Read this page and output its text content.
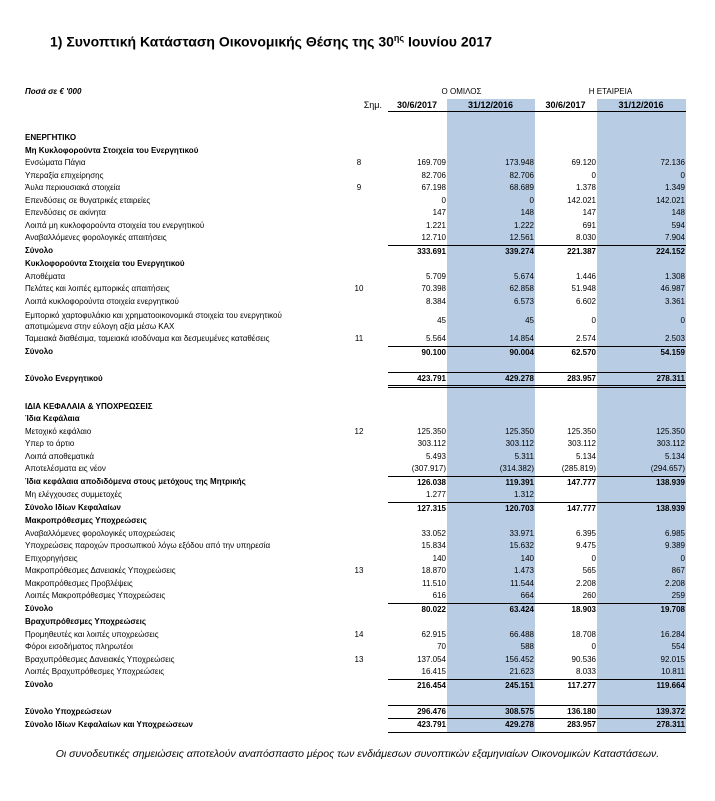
1) Συνοπτική Κατάσταση Οικονομικής Θέσης της $30^{\eta\varsigma}$ Ιουνίου 2017
Ποσά σε € '000		Ο ΟΜΙΛΟΣ		Η ΕΤΑΙΡΕΙΑ	
	Σημ.	30/6/2017	31/12/2016	30/6/2017	31/12/2016

ΕΝΕΡΓΗΤΙΚΟ					
Μη Κυκλοφορούντα Στοιχεία του Ενεργητικού					
Ενσώματα Πάγια	8	169.709	173.948	69.120	72.136
Υπεραξία επιχείρησης		82.706	82.706	0	0
Άυλα περιουσιακά στοιχεία	9	67.198	68.689	1.378	1.349
Επενδύσεις σε θυγατρικές εταιρείες		0	0	142.021	142.021
Επενδύσεις σε ακίνητα		147	148	147	148
Λοιπά μη κυκλοφορούντα στοιχεία του ενεργητικού		1.221	1.222	691	594
Αναβαλλόμενες φορολογικές απαιτήσεις		12.710	12.561	8.030	7.904
Σύνολο		333.691	339.274	221.387	224.152
Κυκλοφορούντα Στοιχεία του Ενεργητικού					
Αποθέματα		5.709	5.674	1.446	1.308
Πελάτες και λοιπές εμπορικές απαιτήσεις	10	70.398	62.858	51.948	46.987
Λοιπά κυκλοφορούντα στοιχεία ενεργητικού		8.384	6.573	6.602	3.361
Εμπορικό χαρτοφυλάκιο και χρηματοοικονομικά στοιχεία του ενεργητικού αποτιμώμενα στην εύλογη αξία μέσω ΚΑΧ		45	45	0	0
Ταμειακά διαθέσιμα, ταμειακά ισοδύναμα και δεσμευμένες καταθέσεις	11	5.564	14.854	2.574	2.503
Σύνολο		90.100	90.004	62.570	54.159

Σύνολο Ενεργητικού		423.791	429.278	283.957	278.311

ΙΔΙΑ ΚΕΦΑΛΑΙΑ & ΥΠΟΧΡΕΩΣΕΙΣ					
Ίδια Κεφάλαια					
Μετοχικό κεφάλαιο	12	125.350	125.350	125.350	125.350
Υπερ το άρτιο		303.112	303.112	303.112	303.112
Λοιπά αποθεματικά		5.493	5.311	5.134	5.134
Αποτελέσματα εις νέον		(307.917)	(314.382)	(285.819)	(294.657)
Ίδια κεφάλαια αποδιδόμενα στους μετόχους της Μητρικής		126.038	119.391	147.777	138.939
Μη ελέγχουσες συμμετοχές		1.277	1.312		
Σύνολο Ιδίων Κεφαλαίων		127.315	120.703	147.777	138.939
Μακροπρόθεσμες Υποχρεώσεις					
Αναβαλλόμενες φορολογικές υποχρεώσεις		33.052	33.971	6.395	6.985
Υποχρεώσεις παροχών προσωπικού λόγω εξόδου από την υπηρεσία		15.834	15.632	9.475	9.389
Επιχορηγήσεις		140	140	0	0
Μακροπρόθεσμες Δανειακές Υποχρεώσεις	13	18.870	1.473	565	867
Μακροπρόθεσμες Προβλέψεις		11.510	11.544	2.208	2.208
Λοιπές Μακροπρόθεσμες Υποχρεώσεις		616	664	260	259
Σύνολο		80.022	63.424	18.903	19.708
Βραχυπρόθεσμες Υποχρεώσεις					
Προμηθευτές και λοιπές υποχρεώσεις	14	62.915	66.488	18.708	16.284
Φόροι εισοδήματος πληρωτέοι		70	588	0	554
Βραχυπρόθεσμες Δανειακές Υποχρεώσεις	13	137.054	156.452	90.536	92.015
Λοιπές Βραχυπρόθεσμες Υποχρεώσεις		16.415	21.623	8.033	10.811
Σύνολο		216.454	245.151	117.277	119.664

Σύνολο Υποχρεώσεων		296.476	308.575	136.180	139.372
Σύνολο Ιδίων Κεφαλαίων και Υποχρεώσεων		423.791	429.278	283.957	278.311
Οι συνοδευτικές σημειώσεις αποτελούν αναπόσπαστο μέρος των ενδιάμεσων συνοπτικών εξαμηνιαίων Οικονομικών Καταστάσεων.
